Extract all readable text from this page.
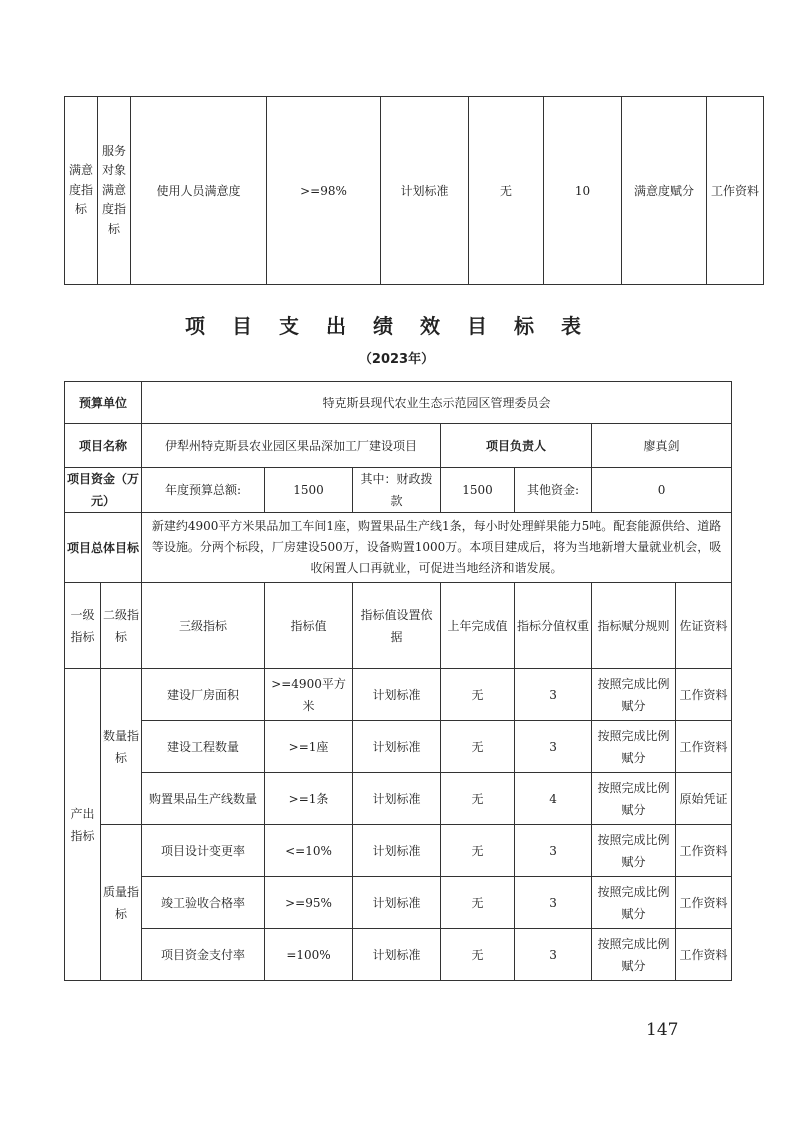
满意度指标	服务对象满意度指标	使用人员满意度	>=98%	计划标准	无	10	满意度赋分	工作资料
项目支出绩效目标表
（2023年）
预算单位		特克斯县现代农业生态示范园区管理委员会						
项目名称		伊犁州特克斯县农业园区果品深加工厂建设项目			项目负责人		廖真剑	
项目资金（万元）		年度预算总额:	1500	其中：财政拨款	1500	其他资金:	0	
项目总体目标		新建约4900平方米果品加工车间1座，购置果品生产线1条，每小时处理鲜果能力5吨。配套能源供给、道路等设施。分两个标段，厂房建设500万，设备购置1000万。本项目建成后，将为当地新增大量就业机会，吸收闲置人口再就业，可促进当地经济和谐发展。						
一级指标	二级指标	三级指标	指标值	指标值设置依据	上年完成值	指标分值权重	指标赋分规则	佐证资料
产出指标	数量指标	建设厂房面积	>=4900平方米	计划标准	无	3	按照完成比例赋分	工作资料
		建设工程数量	>=1座	计划标准	无	3	按照完成比例赋分	工作资料
		购置果品生产线数量	>=1条	计划标准	无	4	按照完成比例赋分	原始凭证
	质量指标	项目设计变更率	<=10%	计划标准	无	3	按照完成比例赋分	工作资料
		竣工验收合格率	>=95%	计划标准	无	3	按照完成比例赋分	工作资料
		项目资金支付率	=100%	计划标准	无	3	按照完成比例赋分	工作资料
147
